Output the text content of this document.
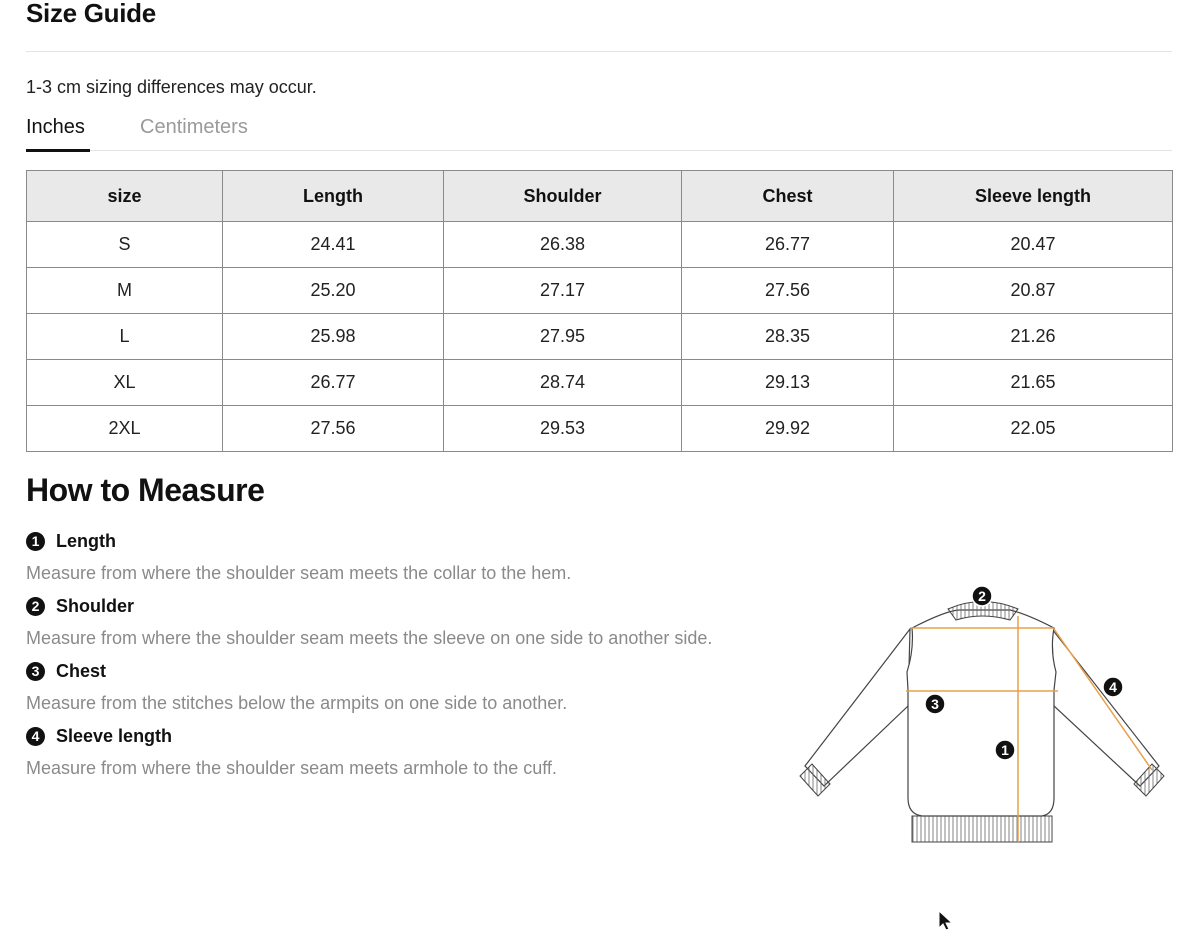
Size Guide
1-3 cm sizing differences may occur.
Inches	Centimeters
size	Length	Shoulder	Chest	Sleeve length
S	24.41	26.38	26.77	20.47
M	25.20	27.17	27.56	20.87
L	25.98	27.95	28.35	21.26
XL	26.77	28.74	29.13	21.65
2XL	27.56	29.53	29.92	22.05
How to Measure
1 Length
Measure from where the shoulder seam meets the collar to the hem.
2 Shoulder
Measure from where the shoulder seam meets the sleeve on one side to another side.
3 Chest
Measure from the stitches below the armpits on one side to another.
4 Sleeve length
Measure from where the shoulder seam meets armhole to the cuff.
2
3
1
4
